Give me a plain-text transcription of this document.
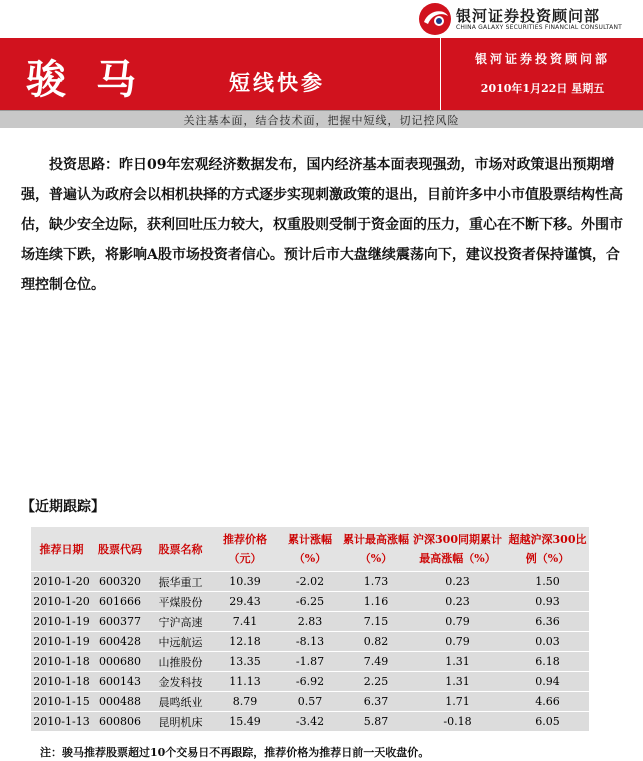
银河证券投资顾问部
CHINA GALAXY SECURITIES FINANCIAL CONSULTANT
骏马	短线快参
银河证券投资顾问部
2010年1月22日 星期五
关注基本面，结合技术面，把握中短线，切记控风险
投资思路：昨日09年宏观经济数据发布，国内经济基本面表现强劲，市场对政策退出预期增强，普遍认为政府会以相机抉择的方式逐步实现刺激政策的退出，目前许多中小市值股票结构性高估，缺少安全边际，获利回吐压力较大，权重股则受制于资金面的压力，重心在不断下移。外围市场连续下跌，将影响A股市场投资者信心。预计后市大盘继续震荡向下，建议投资者保持谨慎，合理控制仓位。
【近期跟踪】
推荐日期	股票代码	股票名称	推荐价格（元）	累计涨幅（%）	累计最高涨幅（%）	沪深300同期累计最高涨幅（%）	超越沪深300比例（%）
2010-1-20	600320	振华重工	10.39	-2.02	1.73	0.23	1.50
2010-1-20	601666	平煤股份	29.43	-6.25	1.16	0.23	0.93
2010-1-19	600377	宁沪高速	7.41	2.83	7.15	0.79	6.36
2010-1-19	600428	中远航运	12.18	-8.13	0.82	0.79	0.03
2010-1-18	000680	山推股份	13.35	-1.87	7.49	1.31	6.18
2010-1-18	600143	金发科技	11.13	-6.92	2.25	1.31	0.94
2010-1-15	000488	晨鸣纸业	8.79	0.57	6.37	1.71	4.66
2010-1-13	600806	昆明机床	15.49	-3.42	5.87	-0.18	6.05
注：骏马推荐股票超过10个交易日不再跟踪，推荐价格为推荐日前一天收盘价。
